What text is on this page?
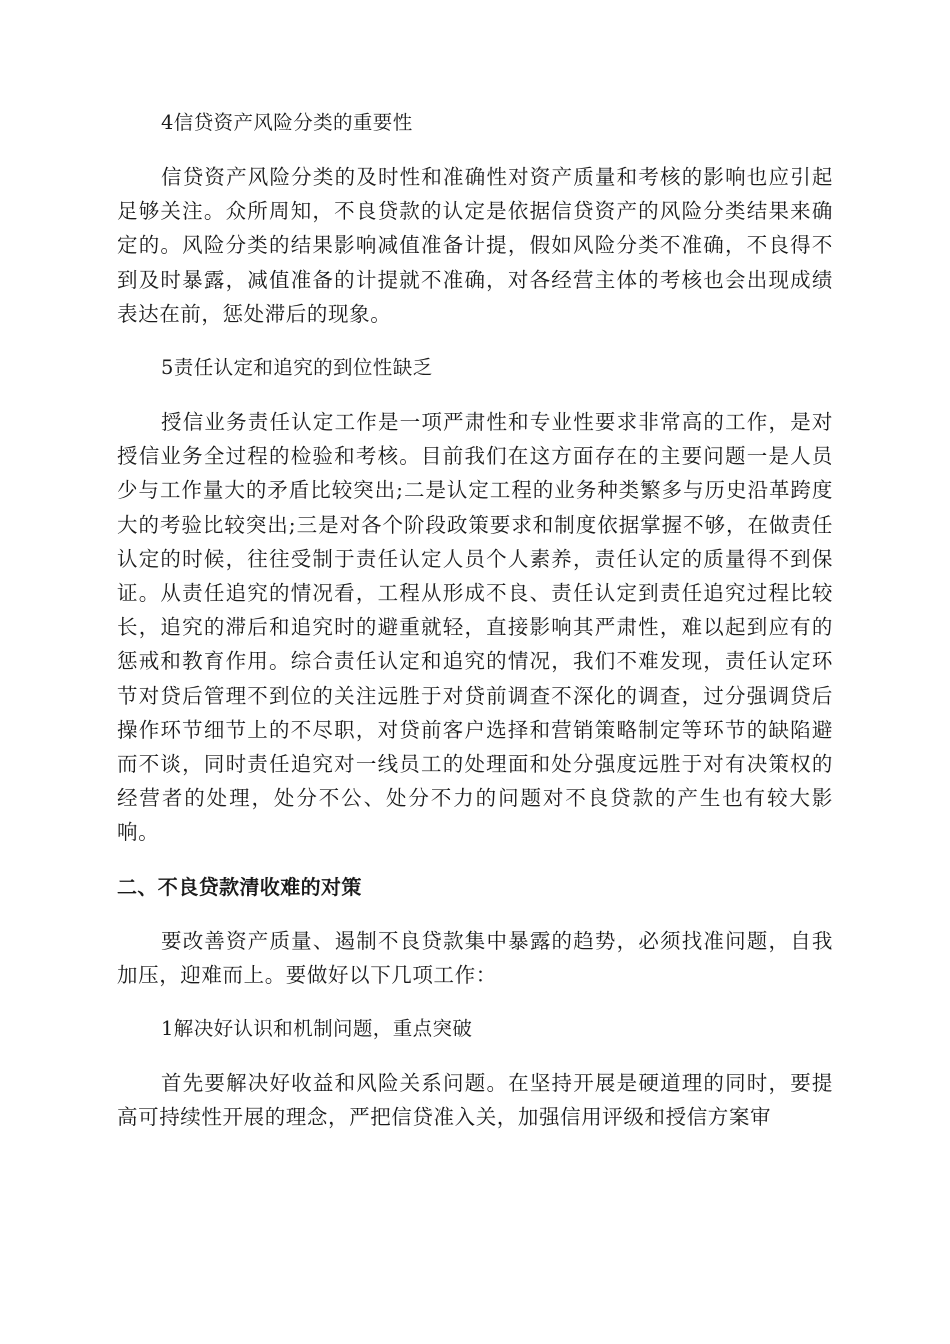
4信贷资产风险分类的重要性

信贷资产风险分类的及时性和准确性对资产质量和考核的影响也应引起足够关注。众所周知，不良贷款的认定是依据信贷资产的风险分类结果来确定的。风险分类的结果影响减值准备计提，假如风险分类不准确，不良得不到及时暴露，减值准备的计提就不准确，对各经营主体的考核也会出现成绩表达在前，惩处滞后的现象。

5责任认定和追究的到位性缺乏

授信业务责任认定工作是一项严肃性和专业性要求非常高的工作，是对授信业务全过程的检验和考核。目前我们在这方面存在的主要问题一是人员少与工作量大的矛盾比较突出;二是认定工程的业务种类繁多与历史沿革跨度大的考验比较突出;三是对各个阶段政策要求和制度依据掌握不够，在做责任认定的时候，往往受制于责任认定人员个人素养，责任认定的质量得不到保证。从责任追究的情况看，工程从形成不良、责任认定到责任追究过程比较长，追究的滞后和追究时的避重就轻，直接影响其严肃性，难以起到应有的惩戒和教育作用。综合责任认定和追究的情况，我们不难发现，责任认定环节对贷后管理不到位的关注远胜于对贷前调查不深化的调查，过分强调贷后操作环节细节上的不尽职，对贷前客户选择和营销策略制定等环节的缺陷避而不谈，同时责任追究对一线员工的处理面和处分强度远胜于对有决策权的经营者的处理，处分不公、处分不力的问题对不良贷款的产生也有较大影响。

二、不良贷款清收难的对策

要改善资产质量、遏制不良贷款集中暴露的趋势，必须找准问题，自我加压，迎难而上。要做好以下几项工作：

1解决好认识和机制问题，重点突破

首先要解决好收益和风险关系问题。在坚持开展是硬道理的同时，要提高可持续性开展的理念，严把信贷准入关，加强信用评级和授信方案审
